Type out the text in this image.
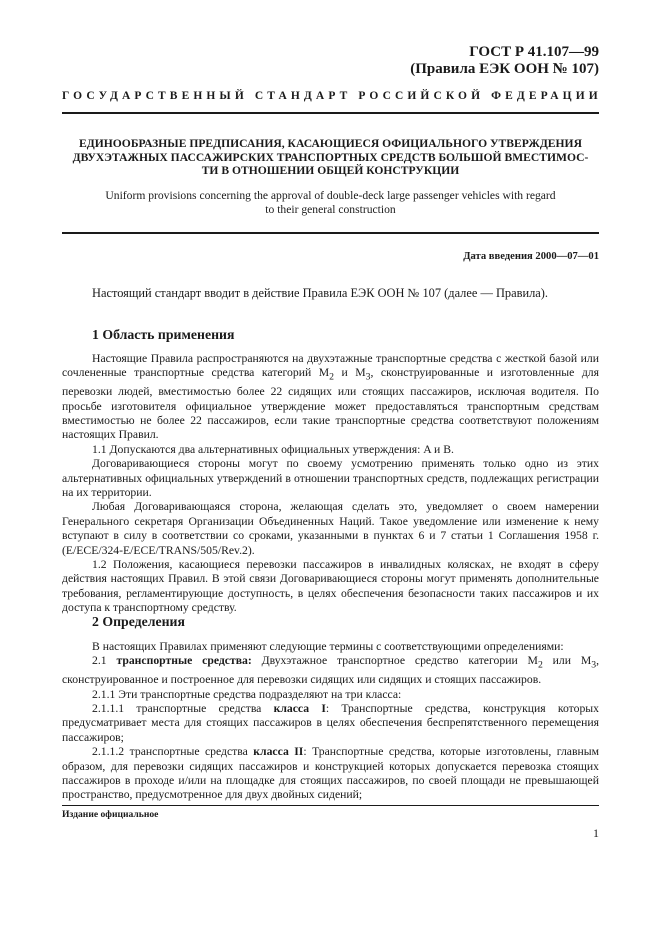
ГОСТ Р 41.107—99
(Правила ЕЭК ООН № 107)
ГОСУДАРСТВЕННЫЙ СТАНДАРТ РОССИЙСКОЙ ФЕДЕРАЦИИ
ЕДИНООБРАЗНЫЕ ПРЕДПИСАНИЯ, КАСАЮЩИЕСЯ ОФИЦИАЛЬНОГО УТВЕРЖДЕНИЯ
ДВУХЭТАЖНЫХ ПАССАЖИРСКИХ ТРАНСПОРТНЫХ СРЕДСТВ БОЛЬШОЙ ВМЕСТИМОС-
ТИ В ОТНОШЕНИИ ОБЩЕЙ КОНСТРУКЦИИ
Uniform provisions concerning the approval of double-deck large passenger vehicles with regard
to their general construction
Дата введения 2000—07—01
Настоящий стандарт вводит в действие Правила ЕЭК ООН № 107 (далее — Правила).
1 Область применения

Настоящие Правила распространяются на двухэтажные транспортные средства с жесткой базой или сочлененные транспортные средства категорий $M_2$ и $M_3$, сконструированные и изготовленные для перевозки людей, вместимостью более 22 сидящих или стоящих пассажиров, исключая водителя. По просьбе изготовителя официальное утверждение может предоставляться транспортным средствам вместимостью не более 22 пассажиров, если такие транспортные средства соответствуют положениям настоящих Правил.

1.1 Допускаются два альтернативных официальных утверждения: A и B.

Договаривающиеся стороны могут по своему усмотрению применять только одно из этих альтернативных официальных утверждений в отношении транспортных средств, подлежащих регистрации на их территории.

Любая Договаривающаяся сторона, желающая сделать это, уведомляет о своем намерении Генерального секретаря Организации Объединенных Наций. Такое уведомление или изменение к нему вступают в силу в соответствии со сроками, указанными в пунктах 6 и 7 статьи 1 Соглашения 1958 г. (E/ECE/324-E/ECE/TRANS/505/Rev.2).

1.2 Положения, касающиеся перевозки пассажиров в инвалидных колясках, не входят в сферу действия настоящих Правил. В этой связи Договаривающиеся стороны могут применять дополнительные требования, регламентирующие доступность, в целях обеспечения безопасности таких пассажиров и их доступа к транспортному средству.

2 Определения

В настоящих Правилах применяют следующие термины с соответствующими определениями:

2.1 транспортные средства: Двухэтажное транспортное средство категории $M_2$ или $M_3$, сконструированное и построенное для перевозки сидящих или сидящих и стоящих пассажиров.

2.1.1 Эти транспортные средства подразделяют на три класса:

2.1.1.1 транспортные средства класса I: Транспортные средства, конструкция которых предусматривает места для стоящих пассажиров в целях обеспечения беспрепятственного перемещения пассажиров;

2.1.1.2 транспортные средства класса II: Транспортные средства, которые изготовлены, главным образом, для перевозки сидящих пассажиров и конструкцией которых допускается перевозка стоящих пассажиров в проходе и/или на площадке для стоящих пассажиров, по своей площади не превышающей пространство, предусмотренное для двух двойных сидений;

Издание официальное
1
